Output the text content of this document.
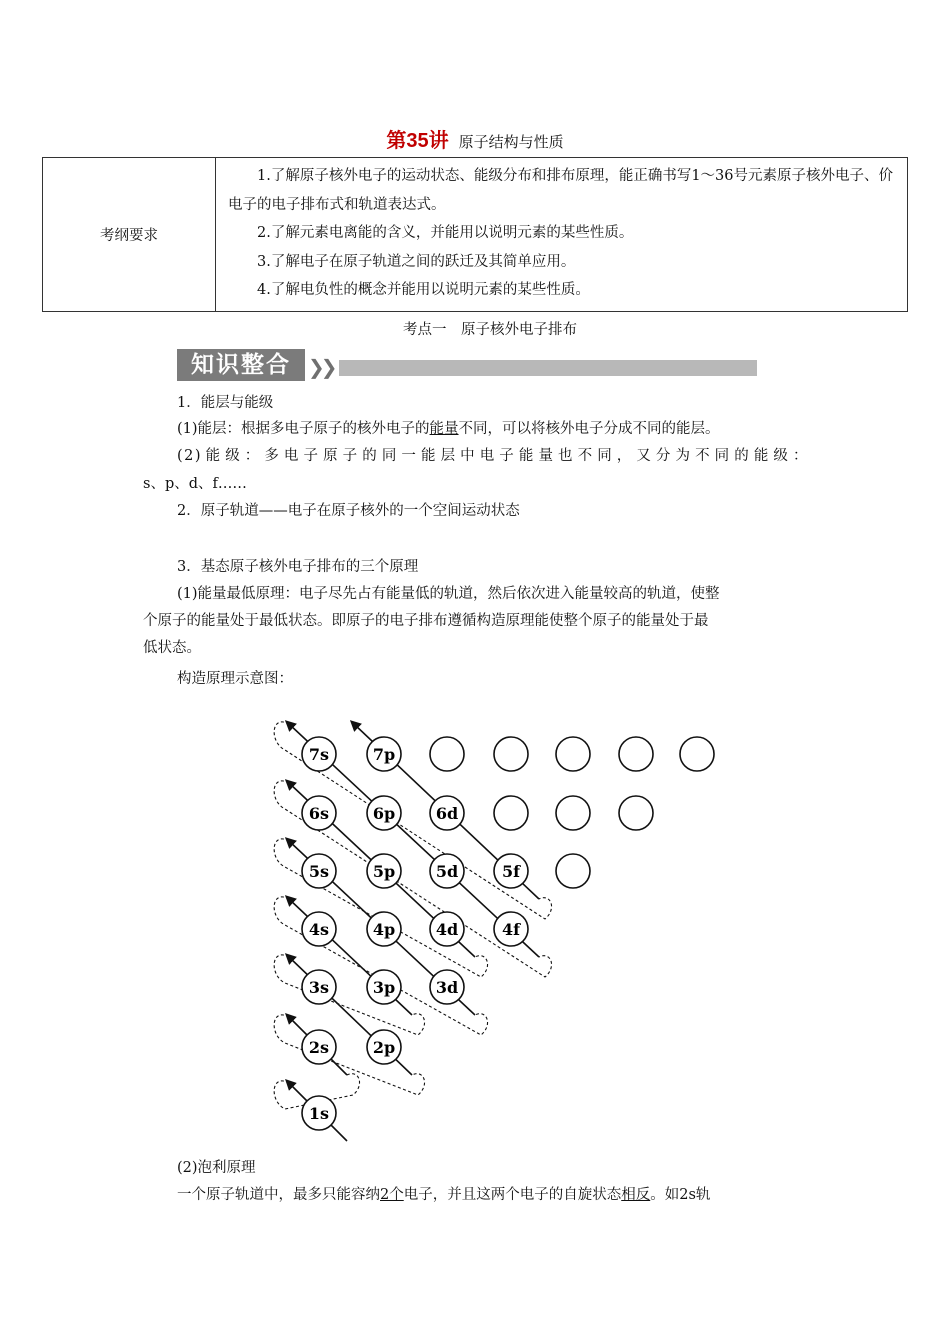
第35讲 原子结构与性质
考纲要求	
1.了解原子核外电子的运动状态、能级分布和排布原理，能正确书写1～36号元素原子核外电子、价电子的电子排布式和轨道表达式。
2.了解元素电离能的含义，并能用以说明元素的某些性质。
3.了解电子在原子轨道之间的跃迁及其简单应用。
4.了解电负性的概念并能用以说明元素的某些性质。
考点一　原子核外电子排布
知识整合 ❯❯
1．能层与能级
(1)能层：根据多电子原子的核外电子的能量不同，可以将核外电子分成不同的能层。
(2)能级：多电子原子的同一能层中电子能量也不同，又分为不同的能级：
s、p、d、f……
2．原子轨道——电子在原子核外的一个空间运动状态
3．基态原子核外电子排布的三个原理
(1)能量最低原理：电子尽先占有能量低的轨道，然后依次进入能量较高的轨道，使整
个原子的能量处于最低状态。即原子的电子排布遵循构造原理能使整个原子的能量处于最
低状态。
构造原理示意图：
7s	7p
6s	6p	6d
5s	5p	5d	5f
4s	4p	4d	4f
3s	3p	3d
2s	2p
1s
(2)泡利原理
一个原子轨道中，最多只能容纳2个电子，并且这两个电子的自旋状态相反。如2s轨
